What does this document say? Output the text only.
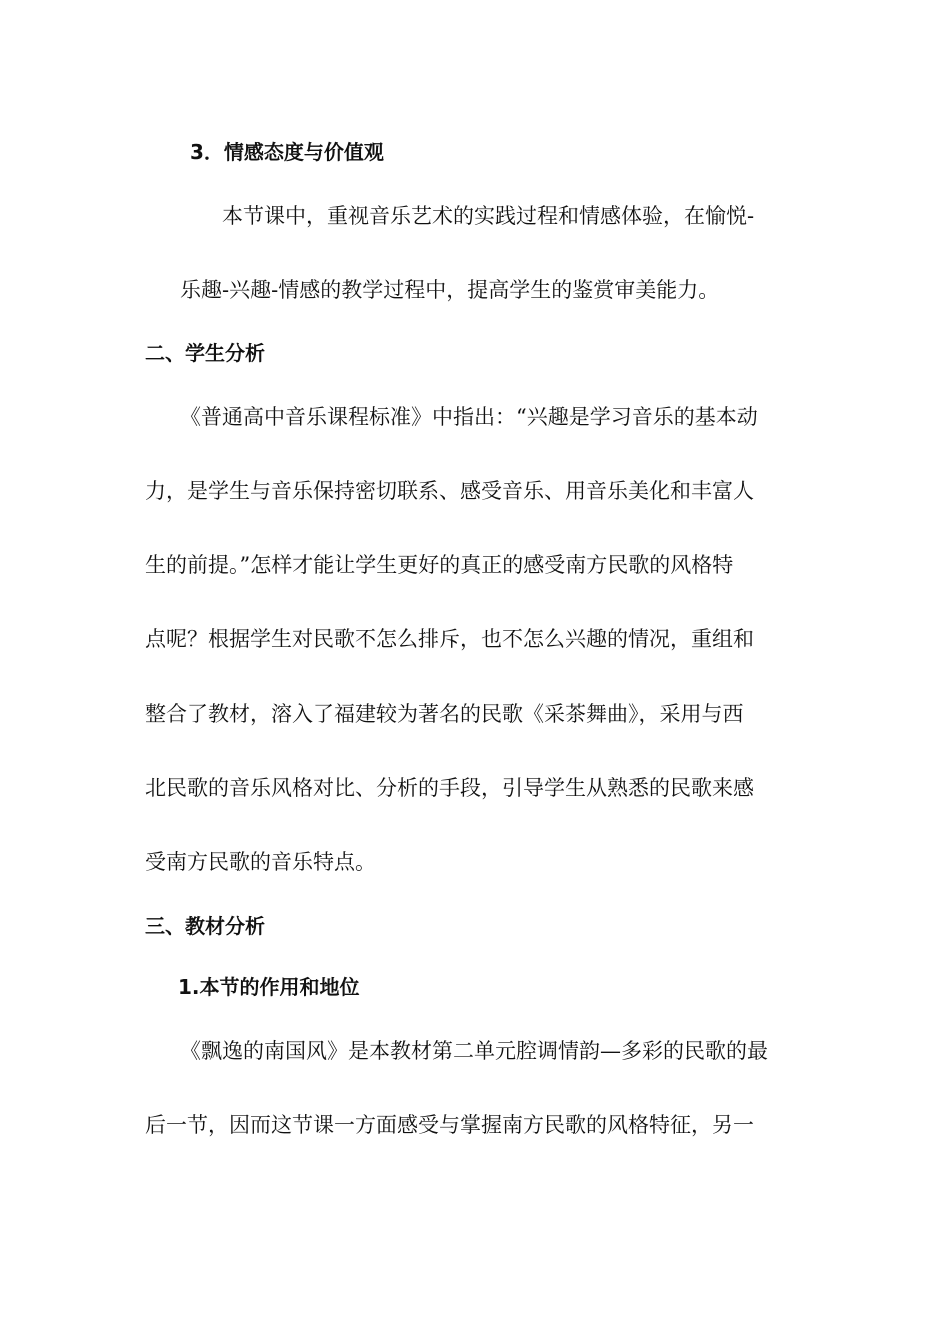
3．情感态度与价值观
本节课中，重视音乐艺术的实践过程和情感体验，在愉悦-
乐趣-兴趣-情感的教学过程中，提高学生的鉴赏审美能力。
二、学生分析
《普通高中音乐课程标准》中指出：“兴趣是学习音乐的基本动
力，是学生与音乐保持密切联系、感受音乐、用音乐美化和丰富人
生的前提。”怎样才能让学生更好的真正的感受南方民歌的风格特
点呢？根据学生对民歌不怎么排斥，也不怎么兴趣的情况，重组和
整合了教材，溶入了福建较为著名的民歌《采茶舞曲》，采用与西
北民歌的音乐风格对比、分析的手段，引导学生从熟悉的民歌来感
受南方民歌的音乐特点。
三、教材分析
1.本节的作用和地位
《飘逸的南国风》是本教材第二单元腔调情韵—多彩的民歌的最
后一节，因而这节课一方面感受与掌握南方民歌的风格特征，另一
